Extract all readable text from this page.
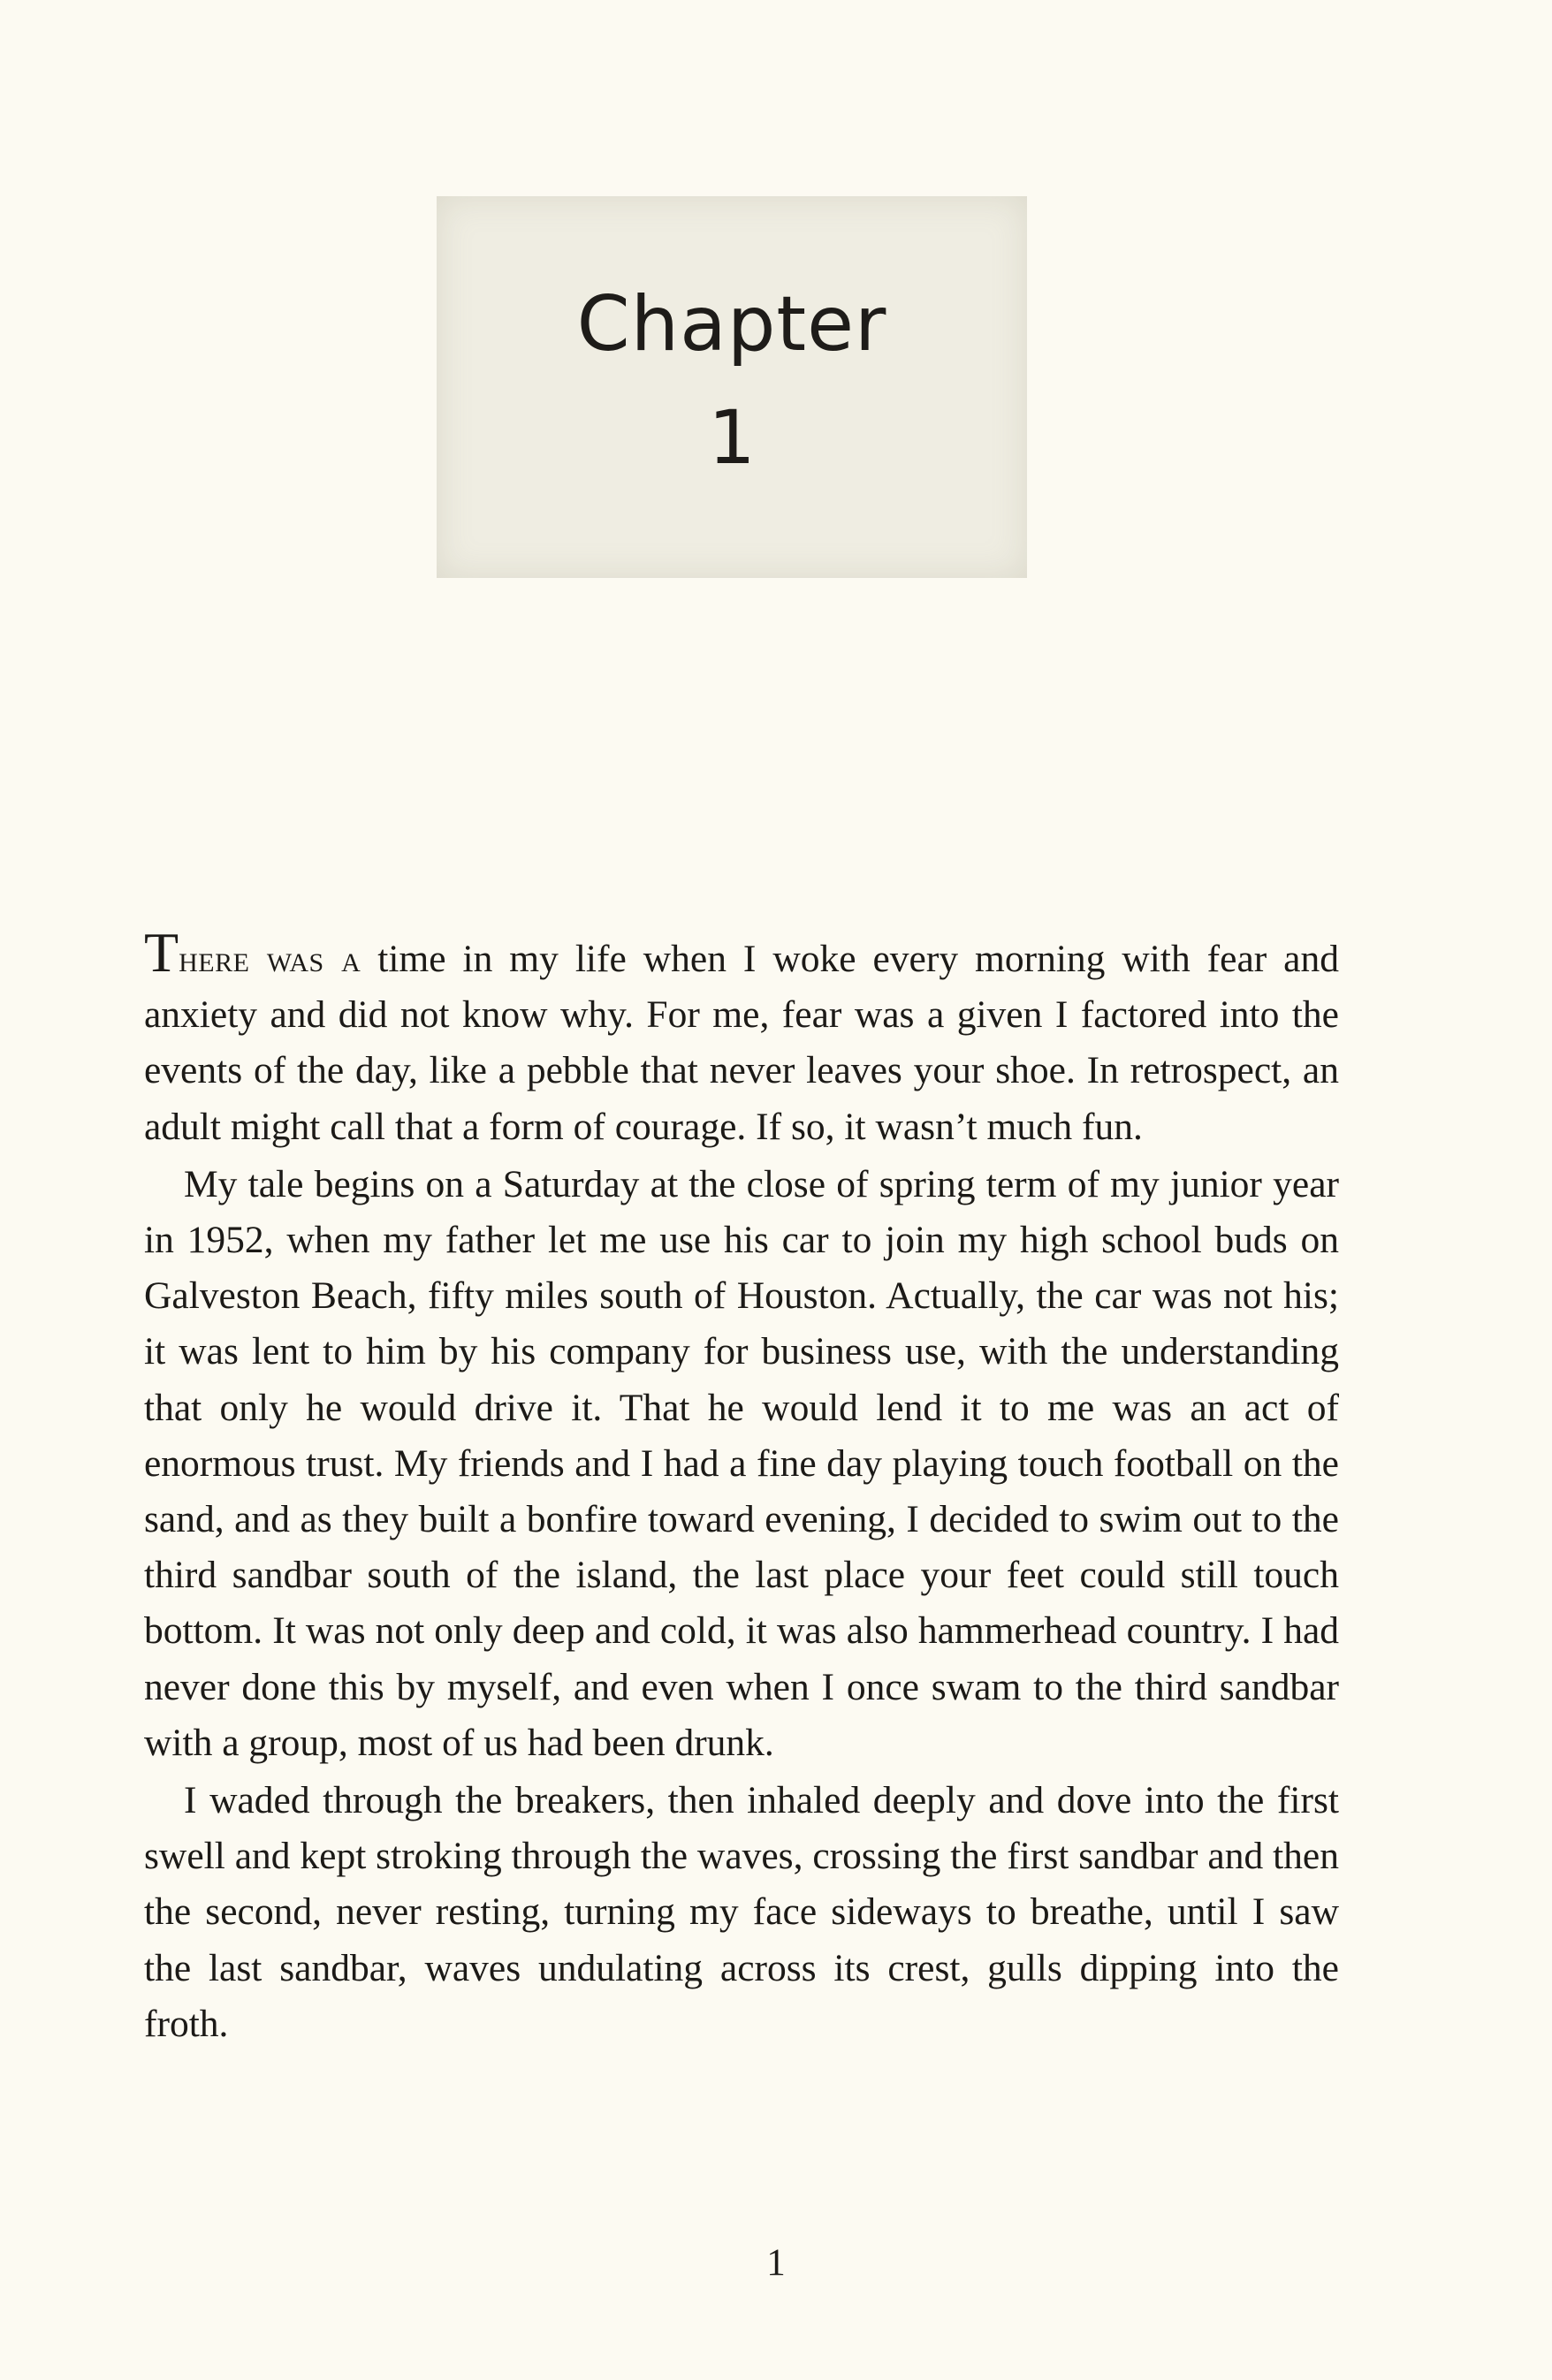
Chapter
1

There was a time in my life when I woke every morning with fear and anxiety and did not know why. For me, fear was a given I factored into the events of the day, like a pebble that never leaves your shoe. In retrospect, an adult might call that a form of courage. If so, it wasn’t much fun.

My tale begins on a Saturday at the close of spring term of my junior year in 1952, when my father let me use his car to join my high school buds on Galveston Beach, fifty miles south of Houston. Actually, the car was not his; it was lent to him by his company for business use, with the understanding that only he would drive it. That he would lend it to me was an act of enormous trust. My friends and I had a fine day playing touch football on the sand, and as they built a bonfire toward evening, I decided to swim out to the third sandbar south of the island, the last place your feet could still touch bottom. It was not only deep and cold, it was also hammerhead country. I had never done this by myself, and even when I once swam to the third sandbar with a group, most of us had been drunk.

I waded through the breakers, then inhaled deeply and dove into the first swell and kept stroking through the waves, crossing the first sandbar and then the second, never resting, turning my face sideways to breathe, until I saw the last sandbar, waves undulating across its crest, gulls dipping into the froth.

1
